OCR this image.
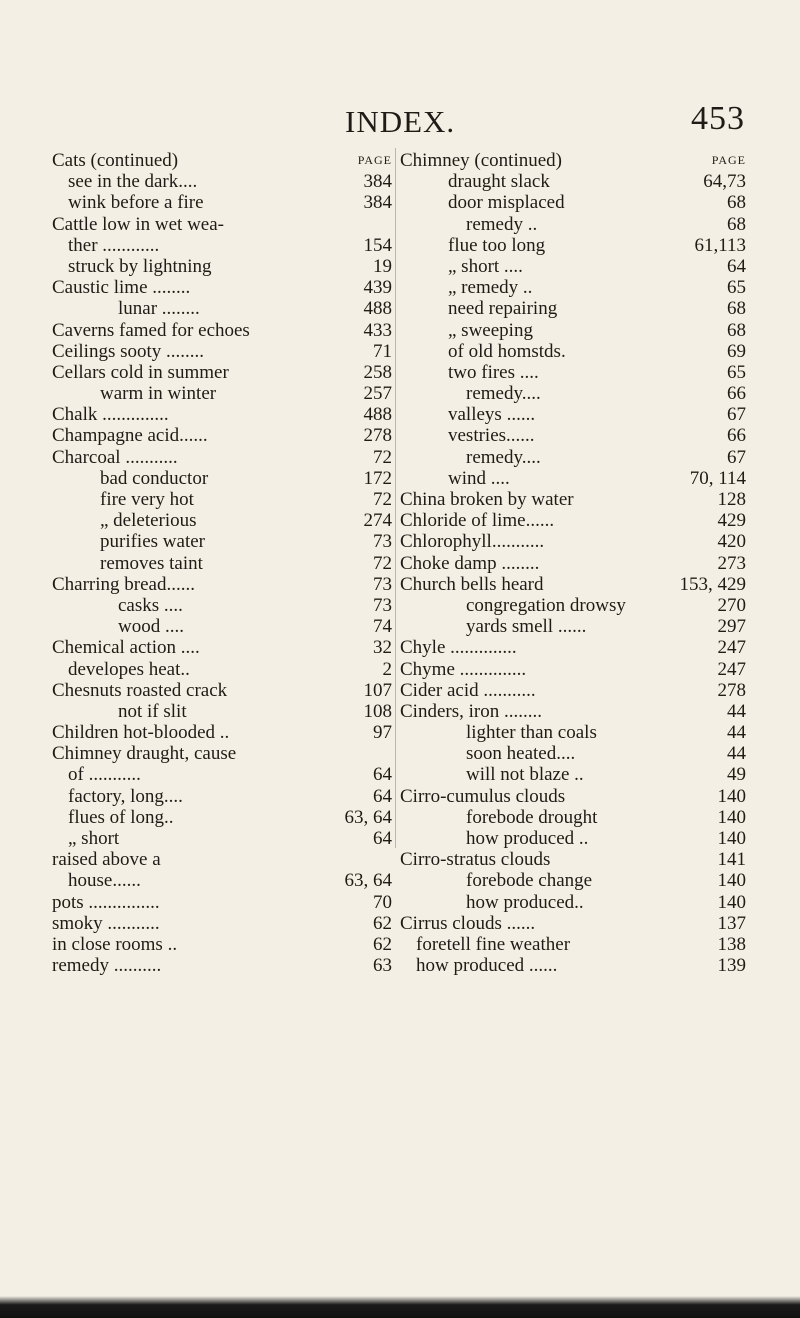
INDEX.	453
Cats (continued)	PAGE
see in the dark....	384
wink before a fire	384
Cattle low in wet wea-
ther ............	154
struck by lightning	19
Caustic lime ........	439
lunar ........	488
Caverns famed for echoes	433
Ceilings sooty ........	71
Cellars cold in summer	258
warm in winter	257
Chalk ..............	488
Champagne acid......	278
Charcoal ...........	72
bad conductor	172
fire very hot	72
„ deleterious	274
purifies water	73
removes taint	72
Charring bread......	73
casks ....	73
wood ....	74
Chemical action ....	32
developes heat..	2
Chesnuts roasted crack	107
not if slit	108
Children hot-blooded ..	97
Chimney draught, cause
of ...........	64
factory, long....	64
flues of long..	63, 64
„ short	64
raised above a
house......	63, 64
pots ...............	70
smoky ...........	62
in close rooms ..	62
remedy ..........	63
Chimney (continued)	PAGE
draught slack	64,73
door misplaced	68
remedy ..	68
flue too long	61,113
„ short ....	64
„ remedy ..	65
need repairing	68
„ sweeping	68
of old homstds.	69
two fires ....	65
remedy....	66
valleys ......	67
vestries......	66
remedy....	67
wind ....	70, 114
China broken by water	128
Chloride of lime......	429
Chlorophyll...........	420
Choke damp ........	273
Church bells heard	153, 429
congregation drowsy	270
yards smell ......	297
Chyle ..............	247
Chyme ..............	247
Cider acid ...........	278
Cinders, iron ........	44
lighter than coals	44
soon heated....	44
will not blaze ..	49
Cirro-cumulus clouds	140
forebode drought	140
how produced ..	140
Cirro-stratus clouds	141
forebode change	140
how produced..	140
Cirrus clouds ......	137
foretell fine weather	138
how produced ......	139
